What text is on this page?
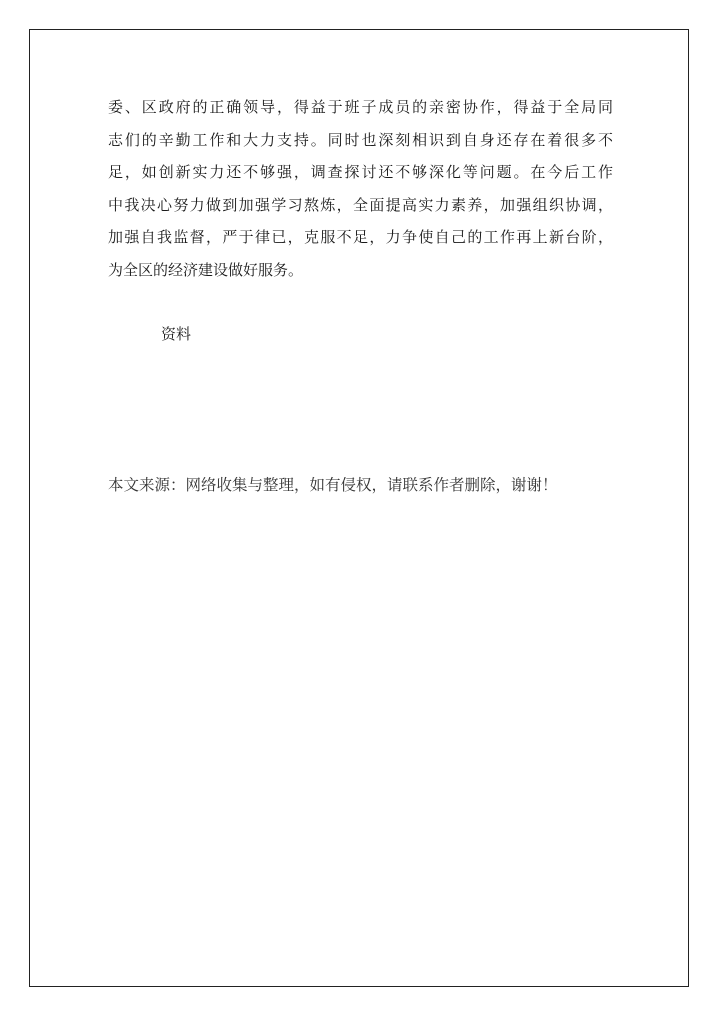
委、区政府的正确领导，得益于班子成员的亲密协作，得益于全局同
志们的辛勤工作和大力支持。同时也深刻相识到自身还存在着很多不
足，如创新实力还不够强，调查探讨还不够深化等问题。在今后工作
中我决心努力做到加强学习熬炼，全面提高实力素养，加强组织协调，
加强自我监督，严于律已，克服不足，力争使自己的工作再上新台阶，
为全区的经济建设做好服务。

资料

本文来源：网络收集与整理，如有侵权，请联系作者删除，谢谢！
